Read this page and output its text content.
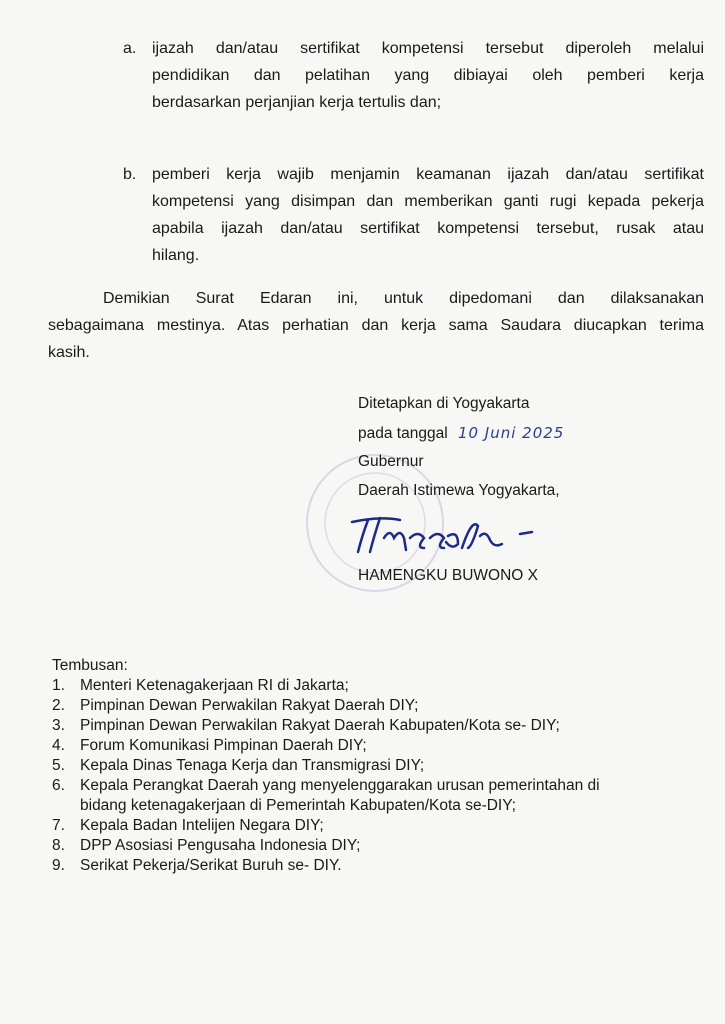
a. ijazah dan/atau sertifikat kompetensi tersebut diperoleh melalui
pendidikan dan pelatihan yang dibiayai oleh pemberi kerja
berdasarkan perjanjian kerja tertulis dan;
b. pemberi kerja wajib menjamin keamanan ijazah dan/atau sertifikat
kompetensi yang disimpan dan memberikan ganti rugi kepada pekerja
apabila ijazah dan/atau sertifikat kompetensi tersebut, rusak atau
hilang.
Demikian Surat Edaran ini, untuk dipedomani dan dilaksanakan
sebagaimana mestinya. Atas perhatian dan kerja sama Saudara diucapkan terima
kasih.
Ditetapkan di Yogyakarta
pada tanggal 10 Juni 2025
Gubernur
Daerah Istimewa Yogyakarta,
HAMENGKU BUWONO X
Tembusan:
1. Menteri Ketenagakerjaan RI di Jakarta;
2. Pimpinan Dewan Perwakilan Rakyat Daerah DIY;
3. Pimpinan Dewan Perwakilan Rakyat Daerah Kabupaten/Kota se- DIY;
4. Forum Komunikasi Pimpinan Daerah DIY;
5. Kepala Dinas Tenaga Kerja dan Transmigrasi DIY;
6. Kepala Perangkat Daerah yang menyelenggarakan urusan pemerintahan di
bidang ketenagakerjaan di Pemerintah Kabupaten/Kota se-DIY;
7. Kepala Badan Intelijen Negara DIY;
8. DPP Asosiasi Pengusaha Indonesia DIY;
9. Serikat Pekerja/Serikat Buruh se- DIY.
